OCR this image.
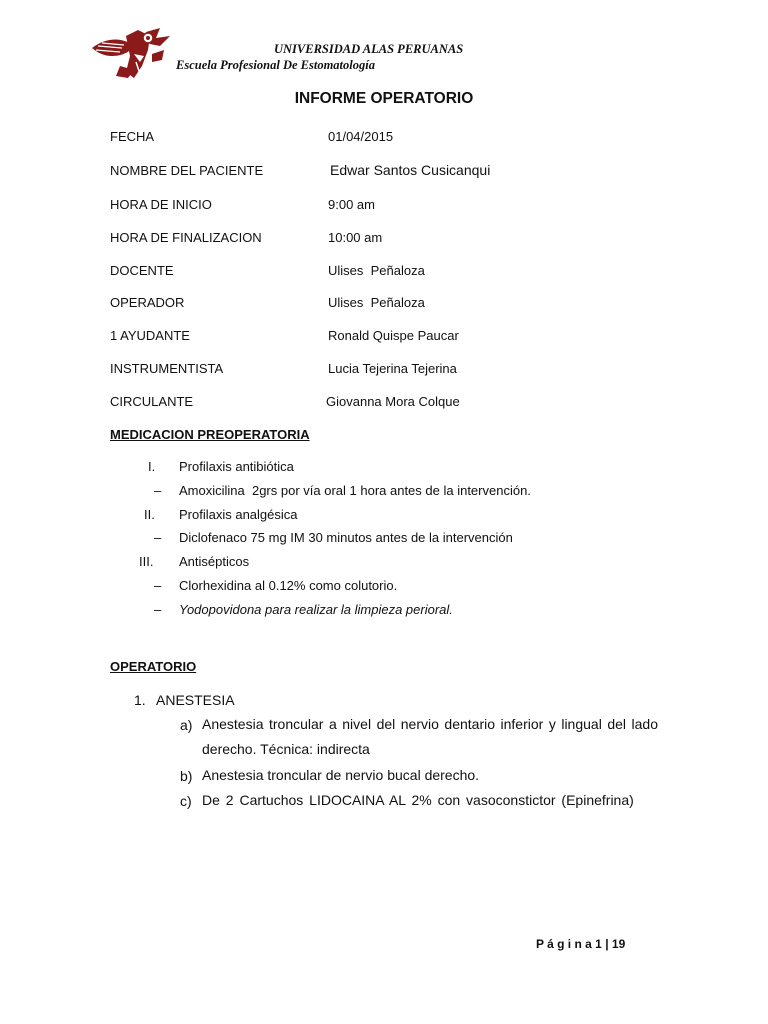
UNIVERSIDAD ALAS PERUANAS
Escuela Profesional De Estomatología
INFORME OPERATORIO
FECHA	01/04/2015
NOMBRE DEL PACIENTE	Edwar Santos Cusicanqui
HORA DE INICIO	9:00 am
HORA DE FINALIZACION	10:00 am
DOCENTE	Ulises  Peñaloza
OPERADOR	Ulises  Peñaloza
1 AYUDANTE	Ronald Quispe Paucar
INSTRUMENTISTA	Lucia Tejerina Tejerina
CIRCULANTE	Giovanna Mora Colque
MEDICACION PREOPERATORIA
I. Profilaxis antibiótica
– Amoxicilina  2grs por vía oral 1 hora antes de la intervención.
II. Profilaxis analgésica
– Diclofenaco 75 mg IM 30 minutos antes de la intervención
III. Antisépticos
– Clorhexidina al 0.12% como colutorio.
– Yodopovidona para realizar la limpieza perioral.
OPERATORIO
1. ANESTESIA
a) Anestesia troncular a nivel del nervio dentario inferior y lingual del lado derecho. Técnica: indirecta
b) Anestesia troncular de nervio bucal derecho.
c) De 2 Cartuchos LIDOCAINA AL 2% con vasoconstictor (Epinefrina)
P á g i n a 1 | 19
